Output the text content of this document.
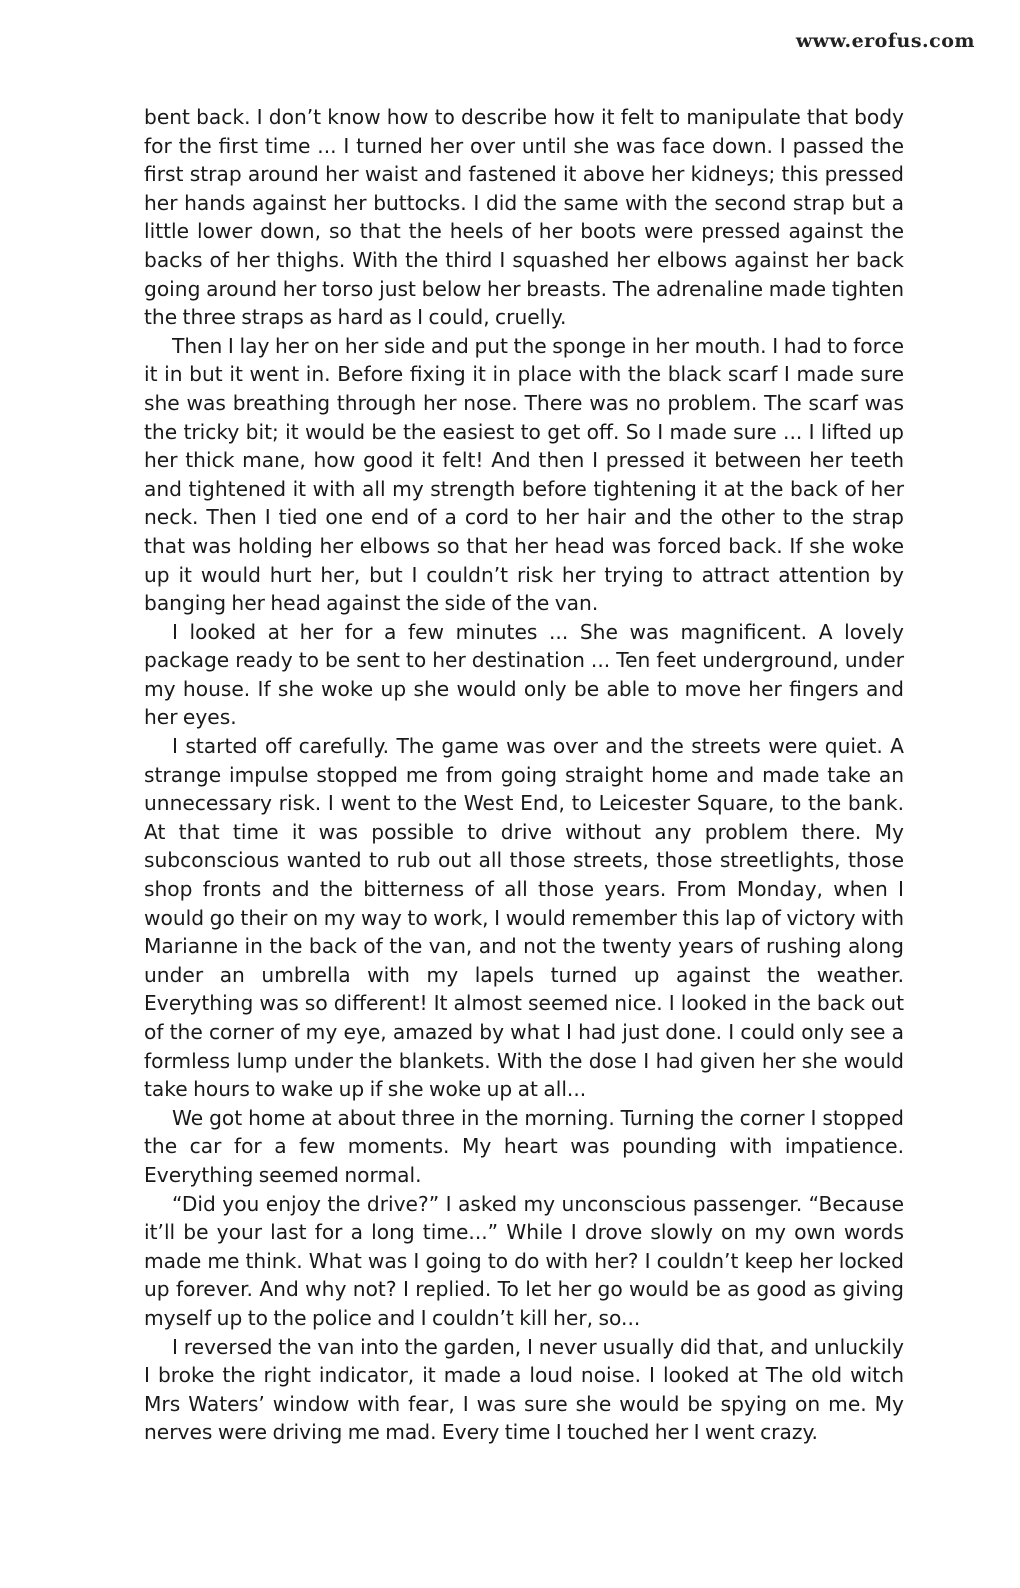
www.erofus.com

bent back. I don’t know how to describe how it felt to manipulate that body for the first time ... I turned her over until she was face down. I passed the first strap around her waist and fastened it above her kidneys; this pressed her hands against her buttocks. I did the same with the second strap but a little lower down, so that the heels of her boots were pressed against the backs of her thighs. With the third I squashed her elbows against her back going around her torso just below her breasts. The adrenaline made tighten the three straps as hard as I could, cruelly.

Then I lay her on her side and put the sponge in her mouth. I had to force it in but it went in. Before fixing it in place with the black scarf I made sure she was breathing through her nose. There was no problem. The scarf was the tricky bit; it would be the easiest to get off. So I made sure ... I lifted up her thick mane, how good it felt! And then I pressed it between her teeth and tightened it with all my strength before tightening it at the back of her neck. Then I tied one end of a cord to her hair and the other to the strap that was holding her elbows so that her head was forced back. If she woke up it would hurt her, but I couldn’t risk her trying to attract attention by banging her head against the side of the van.

I looked at her for a few minutes ... She was magnificent. A lovely package ready to be sent to her destination ... Ten feet underground, under my house. If she woke up she would only be able to move her fingers and her eyes.

I started off carefully. The game was over and the streets were quiet. A strange impulse stopped me from going straight home and made take an unnecessary risk. I went to the West End, to Leicester Square, to the bank. At that time it was possible to drive without any problem there. My subconscious wanted to rub out all those streets, those streetlights, those shop fronts and the bitterness of all those years. From Monday, when I would go their on my way to work, I would remember this lap of victory with Marianne in the back of the van, and not the twenty years of rushing along under an umbrella with my lapels turned up against the weather. Everything was so different! It almost seemed nice. I looked in the back out of the corner of my eye, amazed by what I had just done. I could only see a formless lump under the blankets. With the dose I had given her she would take hours to wake up if she woke up at all...

We got home at about three in the morning. Turning the corner I stopped the car for a few moments. My heart was pounding with impatience. Everything seemed normal.

“Did you enjoy the drive?” I asked my unconscious passenger. “Because it’ll be your last for a long time...” While I drove slowly on my own words made me think. What was I going to do with her? I couldn’t keep her locked up forever. And why not? I replied. To let her go would be as good as giving myself up to the police and I couldn’t kill her, so...

I reversed the van into the garden, I never usually did that, and unluckily I broke the right indicator, it made a loud noise. I looked at The old witch Mrs Waters’ window with fear, I was sure she would be spying on me. My nerves were driving me mad. Every time I touched her I went crazy.
